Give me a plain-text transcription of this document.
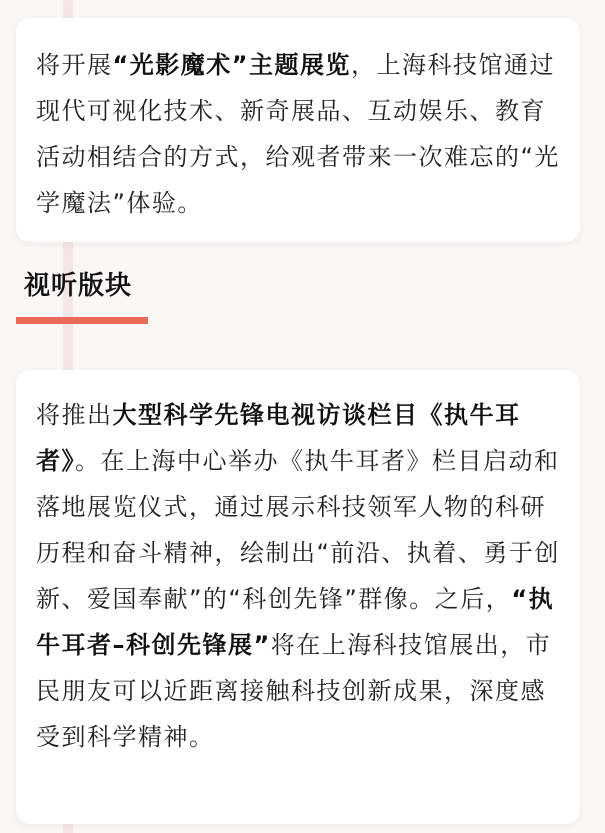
将开展“光影魔术”主题展览，上海科技馆通过现代可视化技术、新奇展品、互动娱乐、教育活动相结合的方式，给观者带来一次难忘的“光学魔法”体验。

视听版块

将推出大型科学先锋电视访谈栏目《执牛耳者》。在上海中心举办《执牛耳者》栏目启动和落地展览仪式，通过展示科技领军人物的科研历程和奋斗精神，绘制出“前沿、执着、勇于创新、爱国奉献”的“科创先锋”群像。之后，“执牛耳者–科创先锋展”将在上海科技馆展出，市民朋友可以近距离接触科技创新成果，深度感受到科学精神。
